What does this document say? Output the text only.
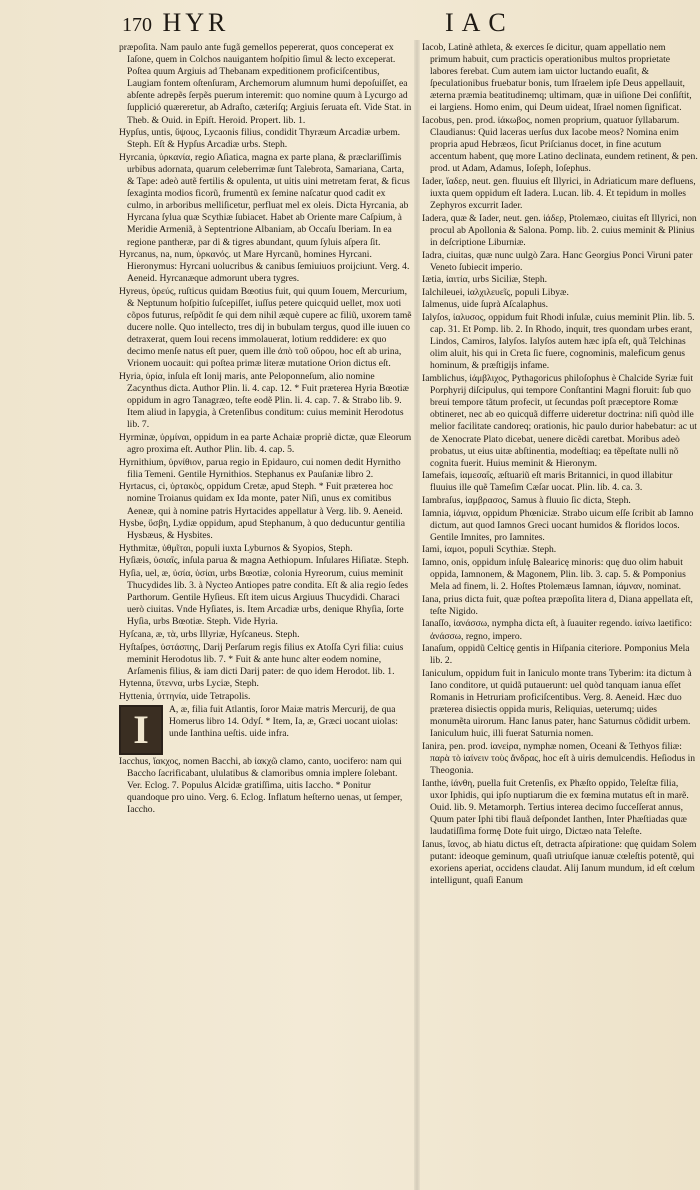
170 HYR	IAC
præpoſita. Nam paulo ante fugã gemellos pepererat, quos conceperat ex Iaſone, quem in Colchos nauigantem hoſpitio ſimul & lecto exceperat. Poſtea quum Argiuis ad Thebanam expeditionem proficiſcentibus, Laugiam fontem oſtenſuram, Archemorum alumnum humi depoſuiſſet, ea abſente adrepẽs ſerpẽs puerum interemit: quo nomine quum à Lycurgo ad ſupplició quæreretur, ab Adraſto, cæteriſq; Argiuis ſeruata eſt. Vide Stat. in Theb. & Ouid. in Epiſt. Heroid. Propert. lib. 1.
Hypſus, untis, ὕψους, Lycaonis filius, condidit Thyræum Arcadiæ urbem. Steph. Eſt & Hypſus Arcadiæ urbs. Steph.
Hyrcania, ὑρκανία, regio Aſiatica, magna ex parte plana, & præclariſſimis urbibus adornata, quarum celeberrimæ ſunt Talebrota, Samariana, Carta, & Tape: adeò autẽ fertilis & opulenta, ut uitis uini metretam ferat, & ficus ſexaginta modios ficorũ, frumentũ ex ſemine naſcatur quod cadit ex culmo, in arboribus melliſicetur, perfluat mel ex oleis. Dicta Hyrcania, ab Hyrcana ſylua quæ Scythiæ ſubiacet. Habet ab Oriente mare Caſpium, à Meridie Armeniã, à Septentrione Albaniam, ab Occaſu Iberiam. In ea regione pantheræ, par di & tigres abundant, quum ſyluis aſpera ſit.
Hyrcanus, na, num, ὑρκανός. ut Mare Hyrcanũ, homines Hyrcani. Hieronymus: Hyrcani uolucribus & canibus ſemiuiuos proijciunt. Verg. 4. Aeneid. Hyrcanæque admorunt ubera tygres.
Hyreus, ὑρεύς, ruſticus quidam Bœotius fuit, qui quum Iouem, Mercurium, & Neptunum hoſpitio ſuſcepiſſet, iuſſus petere quicquid uellet, mox uoti cõpos futurus, reſpõdit ſe qui dem nihil æquè cupere ac filiũ, uxorem tamẽ ducere nolle. Quo intellecto, tres dij in bubulam tergus, quod ille iuuen co detraxerat, quem Ioui recens immolauerat, lotium reddidere: ex quo decimo menſe natus eſt puer, quem ille ἀπὸ τοῦ οὔρου, hoc eſt ab urina, Vrionem uocauit: qui poſtea primæ literæ mutatione Orion dictus eſt.
Hyria, ὑρία, inſula eſt Ionij maris, ante Peloponneſum, alio nomine Zacynthus dicta. Author Plin. li. 4. cap. 12. * Fuit præterea Hyria Bœotiæ oppidum in agro Tanagræo, teſte eodẽ Plin. li. 4. cap. 7. & Strabo lib. 9. Item aliud in Iapygia, à Cretenſibus conditum: cuius meminit Herodotus lib. 7.
Hyrminæ, ὑρμίναι, oppidum in ea parte Achaiæ propriè dictæ, quæ Eleorum agro proxima eſt. Author Plin. lib. 4. cap. 5.
Hyrnithium, ὑρνίθιον, parua regio in Epidauro, cui nomen dedit Hyrnitho filia Temeni. Gentile Hyrnithios. Stephanus ex Pauſaniæ libro 2.
Hyrtacus, ci, ὑρτακὸς, oppidum Cretæ, apud Steph. * Fuit præterea hoc nomine Troianus quidam ex Ida monte, pater Niſi, unus ex comitibus Aeneæ, qui à nomine patris Hyrtacides appellatur à Verg. lib. 9. Aeneid.
Hysbe, ὕσβη, Lydiæ oppidum, apud Stephanum, à quo deducuntur gentilia Hysbæus, & Hysbites.
Hythmitæ, ὑθμῖται, populi iuxta Lyburnos & Syopios, Steph.
Hyſiæis, ὑσιαΐς, inſula parua & magna Aethiopum. Inſulares Hiſiatæ. Steph.
Hyſia, uel, æ, ὑσία, ὑσίαι, urbs Bœotiæ, colonia Hyreorum, cuius meminit Thucydides lib. 3. à Nycteo Antiopes patre condita. Eſt & alia regio ſedes Parthorum. Gentile Hyſieus. Eſt item uicus Argiuus Thucydidi. Characi uerò ciuitas. Vnde Hyſiates, is. Item Arcadiæ urbs, denique Rhyſia, ſorte Hyſia, urbs Bœotiæ. Steph. Vide Hyria.
Hyſcana, æ, τὰ, urbs Illyriæ, Hyſcaneus. Steph.
Hyſtaſpes, ὑστάσπης, Darij Perſarum regis filius ex Atoſſa Cyri filia: cuius meminit Herodotus lib. 7. * Fuit & ante hunc alter eodem nomine, Arſamenis filius, & iam dicti Darij pater: de quo idem Herodot. lib. 1.
Hytenna, ὕτεννα, urbs Lyciæ, Steph.
Hyttenia, ὑττηνία, uide Tetrapolis.
I A, æ, filia fuit Atlantis, ſoror Maiæ matris Mercurij, de qua Homerus libro 14. Odyſ. * Item, Ia, æ, Græci uocant uiolas: unde Ianthina ueſtis. uide infra.
Iacchus, ἴακχος, nomen Bacchi, ab ἰακχῶ clamo, canto, uocifero: nam qui Baccho ſacrificabant, ululatibus & clamoribus omnia implere ſolebant. Ver. Eclog. 7. Populus Alcidæ gratiſſima, uitis Iaccho. * Ponitur quandoque pro uino. Verg. 6. Eclog. Inflatum heſterno uenas, ut ſemper, Iaccho.
Iacob, Latinè athleta, & exerces ſe dicitur, quam appellatio nem primum habuit, cum practicis operationibus multos proprietate labores ferebat. Cum autem iam uictor luctando euaſit, & ſpeculationibus fruebatur bonis, tum Iſraelem ipſe Deus appellauit, æterna præmia beatitudinemq; ultimam, quæ in uiſione Dei conſiſtit, ei largiens. Homo enim, qui Deum uideat, Iſrael nomen ſignificat.
Iacobus, pen. prod. ἰάκωβος, nomen proprium, quatuor ſyllabarum. Claudianus: Quid laceras uerſus dux Iacobe meos? Nomina enim propria apud Hebræos, ſicut Priſcianus docet, in fine acutum accentum habent, quę more Latino declinata, eundem retinent, & pen. prod. ut Adam, Adamus, Ioſeph, Ioſephus.
Iader, ἴαδερ, neut. gen. fluuius eſt Illyrici, in Adriaticum mare defluens, iuxta quem oppidum eſt Iadera. Lucan. lib. 4. Et tepidum in molles Zephyros excurrit Iader.
Iadera, quæ & Iader, neut. gen. ἰάδερ, Ptolemæo, ciuitas eſt Illyrici, non procul ab Apollonia & Salona. Pomp. lib. 2. cuius meminit & Plinius in deſcriptione Liburniæ.
Iadra, ciuitas, quæ nunc uulgò Zara. Hanc Georgius Ponci Viruni pater Veneto ſubiecit imperio.
Iætia, ἰαιτία, urbs Siciliæ, Steph.
Ialchileuei, ἰαλχιλευεῖς, populi Libyæ.
Ialmenus, uide ſuprà Aſcalaphus.
Ialyſos, ἰαλυσος, oppidum fuit Rhodi inſulæ, cuius meminit Plin. lib. 5. cap. 31. Et Pomp. lib. 2. In Rhodo, inquit, tres quondam urbes erant, Lindos, Camiros, Ialyſos. Ialyſos autem hæc ipſa eſt, quã Telchinas olim aluit, his qui in Creta ſic fuere, cognominis, maleficum genus hominum, & præſtigijs infame.
Iamblichus, ἰάμβλιχος, Pythagoricus philoſophus è Chalcide Syriæ fuit Porphyrij diſcipulus, qui tempore Conſtantini Magni floruit: ſub quo breui tempore tãtum profecit, ut ſecundas poſt præceptore Romæ obtineret, nec ab eo quicquã differre uideretur doctrina: niſi quòd ille melior facilitate candoreq; orationis, hic paulo durior habebatur: ac ut de Xenocrate Plato dicebat, uenere dicẽdi caretbat. Moribus adeò probatus, ut eius uitæ abſtinentia, modeſtiaq; ea tẽpeſtate nulli nõ cognita fuerit. Huius meminit & Hieronym.
Iamefais, ἰαμεσαΐς, æſtuariũ eſt maris Britannici, in quod illabitur fluuius ille quẽ Tameſim Cæſar uocat. Plin. lib. 4. ca. 3.
Iambraſus, ἰαμβρασος, Samus à fluuio ſic dicta, Steph.
Iamnia, ἰάμνια, oppidum Phœniciæ. Strabo uicum eſſe ſcribit ab Iamno dictum, aut quod Iamnos Greci uocant humidos & floridos locos. Gentile Imnites, pro Iamnites.
Iami, ἰαμοι, populi Scythiæ. Steph.
Iamno, onis, oppidum inſulę Balearicę minoris: quę duo olim habuit oppida, Iamnonem, & Magonem, Plin. lib. 3. cap. 5. & Pomponius Mela ad finem, li. 2. Hoſtes Ptolemæus Iamnan, ἰάμναν, nominat.
Iana, prius dicta fuit, quæ poſtea præpoſita litera d, Diana appellata eſt, teſte Nigido.
Ianaſſo, ἰανάσσω, nympha dicta eſt, à ſuauiter regendo. ἰαίνω laetifico: ἀνάσσω, regno, impero.
Ianaſum, oppidũ Celticę gentis in Hiſpania citeriore. Pomponius Mela lib. 2.
Ianiculum, oppidum fuit in Ianiculo monte trans Tyberim: ita dictum à Iano conditore, ut quidã putauerunt: uel quòd tanquam ianua eſſet Romanis in Hetruriam proficiſcentibus. Verg. 8. Aeneid. Hæc duo præterea disiectis oppida muris, Reliquias, ueterumq; uides monumẽta uirorum. Hanc Ianus pater, hanc Saturnus cõdidit urbem. Ianiculum huic, illi fuerat Saturnia nomen.
Ianira, pen. prod. ἰανείρα, nymphæ nomen, Oceani & Tethyos filiæ: παρὰ τὸ ἰαίνειν τοὺς ἄνδρας, hoc eſt à uiris demulcendis. Heſiodus in Theogonia.
Ianthe, ἰάνθη, puella fuit Cretenſis, ex Phæſto oppido, Teleſtæ filia, uxor Iphidis, qui ipſo nuptiarum die ex fœmina mutatus eſt in marẽ. Ouid. lib. 9. Metamorph. Tertius interea decimo ſucceſſerat annus, Quum pater Iphi tibi flauã deſpondet Ianthen, Inter Phæſtiadas quæ laudatiſſima formę Dote fuit uirgo, Dictæo nata Teleſte.
Ianus, ἴανος, ab hiatu dictus eſt, detracta aſpiratione: quę quidam Solem putant: ideoque geminum, quaſi utriuſque ianuæ cœleſtis potentẽ, qui exoriens aperiat, occidens claudat. Alij Ianum mundum, id eſt cœlum intelligunt, quaſi Eanum
